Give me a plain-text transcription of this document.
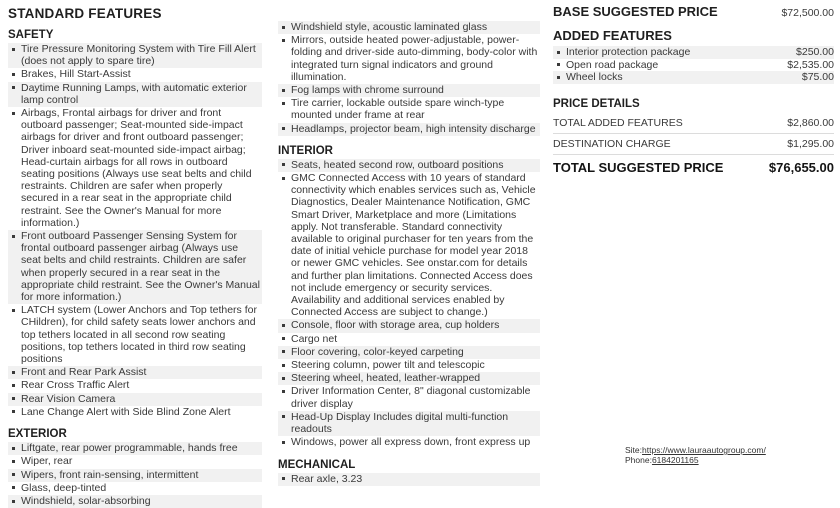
STANDARD FEATURES
SAFETY
Tire Pressure Monitoring System with Tire Fill Alert (does not apply to spare tire)
Brakes, Hill Start-Assist
Daytime Running Lamps, with automatic exterior lamp control
Airbags, Frontal airbags for driver and front outboard passenger; Seat-mounted side-impact airbags for driver and front outboard passenger; Driver inboard seat-mounted side-impact airbag; Head-curtain airbags for all rows in outboard seating positions (Always use seat belts and child restraints. Children are safer when properly secured in a rear seat in the appropriate child restraint. See the Owner's Manual for more information.)
Front outboard Passenger Sensing System for frontal outboard passenger airbag (Always use seat belts and child restraints. Children are safer when properly secured in a rear seat in the appropriate child restraint. See the Owner's Manual for more information.)
LATCH system (Lower Anchors and Top tethers for CHildren), for child safety seats lower anchors and top tethers located in all second row seating positions, top tethers located in third row seating positions
Front and Rear Park Assist
Rear Cross Traffic Alert
Rear Vision Camera
Lane Change Alert with Side Blind Zone Alert
EXTERIOR
Liftgate, rear power programmable, hands free
Wiper, rear
Wipers, front rain-sensing, intermittent
Glass, deep-tinted
Windshield, solar-absorbing
Windshield style, acoustic laminated glass
Mirrors, outside heated power-adjustable, power-folding and driver-side auto-dimming, body-color with integrated turn signal indicators and ground illumination.
Fog lamps with chrome surround
Tire carrier, lockable outside spare winch-type mounted under frame at rear
Headlamps, projector beam, high intensity discharge
INTERIOR
Seats, heated second row, outboard positions
GMC Connected Access with 10 years of standard connectivity which enables services such as, Vehicle Diagnostics, Dealer Maintenance Notification, GMC Smart Driver, Marketplace and more (Limitations apply. Not transferable. Standard connectivity available to original purchaser for ten years from the date of initial vehicle purchase for model year 2018 or newer GMC vehicles. See onstar.com for details and further plan limitations. Connected Access does not include emergency or security services. Availability and additional services enabled by Connected Access are subject to change.)
Console, floor with storage area, cup holders
Cargo net
Floor covering, color-keyed carpeting
Steering column, power tilt and telescopic
Steering wheel, heated, leather-wrapped
Driver Information Center, 8" diagonal customizable driver display
Head-Up Display Includes digital multi-function readouts
Windows, power all express down, front express up
MECHANICAL
Rear axle, 3.23
BASE SUGGESTED PRICE	$72,500.00
ADDED FEATURES
Interior protection package	$250.00
Open road package	$2,535.00
Wheel locks	$75.00
PRICE DETAILS
TOTAL ADDED FEATURES	$2,860.00
DESTINATION CHARGE	$1,295.00
TOTAL SUGGESTED PRICE	$76,655.00
Site:https://www.lauraautogroup.com/
Phone:6184201165
